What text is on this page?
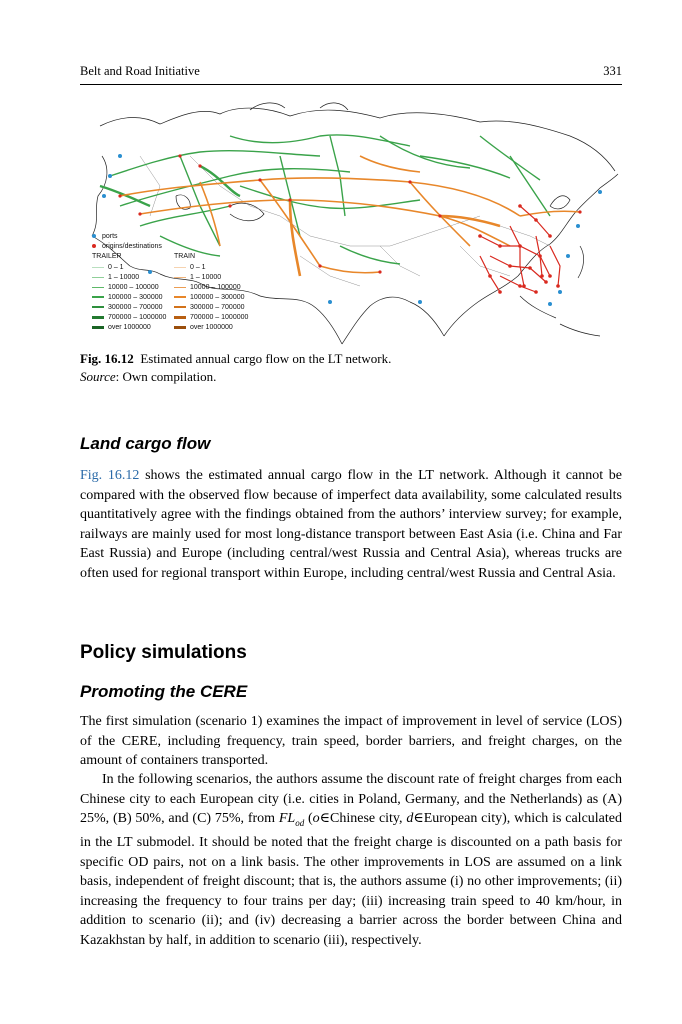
Belt and Road Initiative	331
ports
origins/destinations
TRAILER	TRAIN
0 – 1
1 – 10000
10000 – 100000
100000 – 300000
300000 – 700000
700000 – 1000000
over 1000000
0 – 1
1 – 10000
10000 – 100000
100000 – 300000
300000 – 700000
700000 – 1000000
over 1000000
Fig. 16.12 Estimated annual cargo flow on the LT network.
Source: Own compilation.
Land cargo flow

Fig. 16.12 shows the estimated annual cargo flow in the LT network. Although it cannot be compared with the observed flow because of imperfect data availability, some calculated results quantitatively agree with the findings obtained from the authors’ interview survey; for example, railways are mainly used for most long-distance transport between East Asia (i.e. China and Far East Russia) and Europe (including central/west Russia and Central Asia), whereas trucks are often used for regional transport within Europe, including central/west Russia and Central Asia.

Policy simulations
Promoting the CERE

The first simulation (scenario 1) examines the impact of improvement in level of service (LOS) of the CERE, including frequency, train speed, border barriers, and freight charges, on the amount of containers transported.

In the following scenarios, the authors assume the discount rate of freight charges from each Chinese city to each European city (i.e. cities in Poland, Germany, and the Netherlands) as (A) 25%, (B) 50%, and (C) 75%, from $FL_{od}$ (o∈Chinese city, d∈European city), which is calculated in the LT submodel. It should be noted that the freight charge is discounted on a path basis for specific OD pairs, not on a link basis. The other improvements in LOS are assumed on a link basis, independent of freight discount; that is, the authors assume (i) no other improvements; (ii) increasing the frequency to four trains per day; (iii) increasing train speed to 40 km/hour, in addition to scenario (ii); and (iv) decreasing a barrier across the border between China and Kazakhstan by half, in addition to scenario (iii), respectively.
